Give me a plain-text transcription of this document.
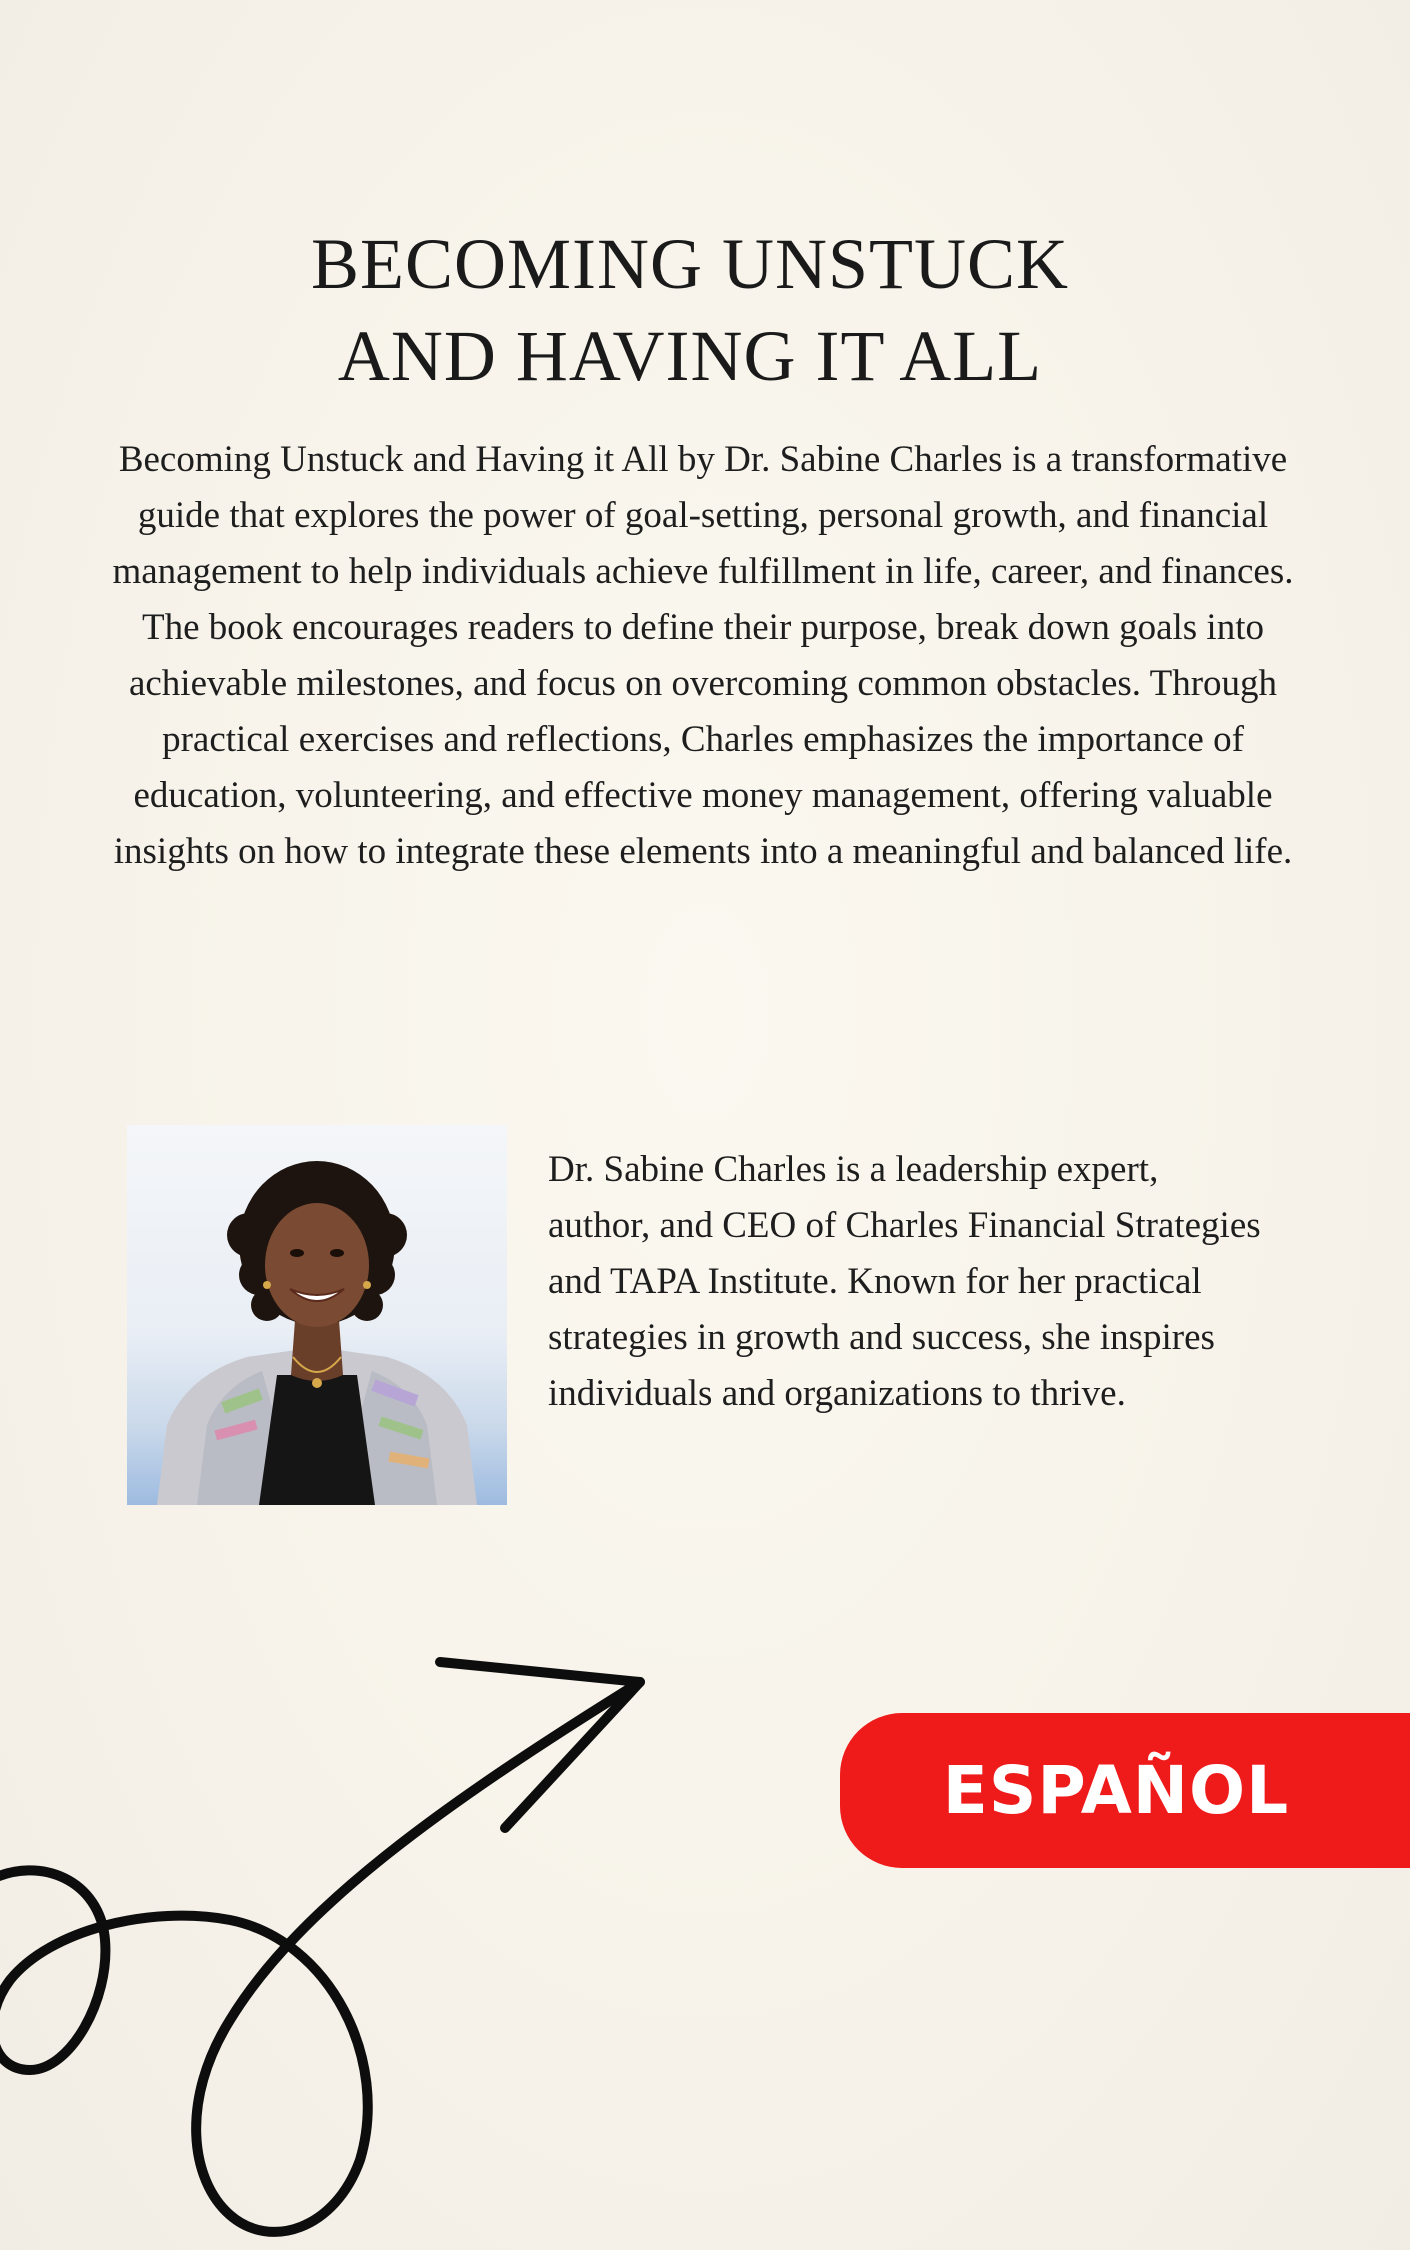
BECOMING UNSTUCK
AND HAVING IT ALL

Becoming Unstuck and Having it All by Dr. Sabine Charles is a transformative guide that explores the power of goal-setting, personal growth, and financial management to help individuals achieve fulfillment in life, career, and finances. The book encourages readers to define their purpose, break down goals into achievable milestones, and focus on overcoming common obstacles. Through practical exercises and reflections, Charles emphasizes the importance of education, volunteering, and effective money management, offering valuable insights on how to integrate these elements into a meaningful and balanced life.

Dr. Sabine Charles is a leadership expert, author, and CEO of Charles Financial Strategies and TAPA Institute. Known for her practical strategies in growth and success, she inspires individuals and organizations to thrive.

ESPAÑOL
